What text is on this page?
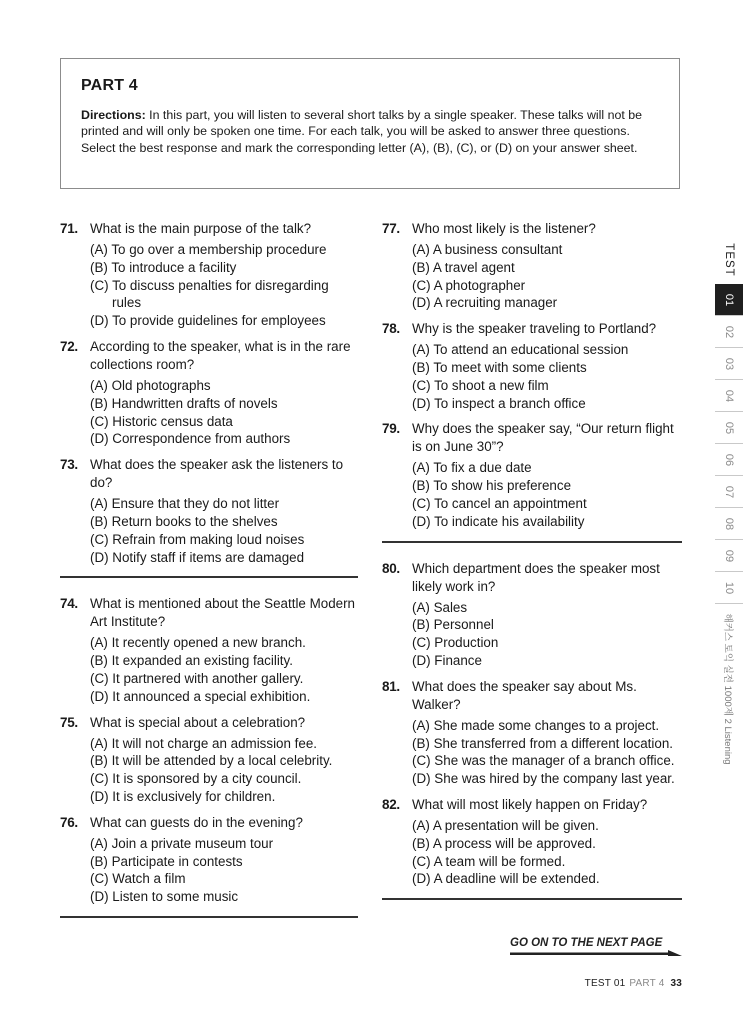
PART 4

Directions: In this part, you will listen to several short talks by a single speaker. These talks will not be printed and will only be spoken one time. For each talk, you will be asked to answer three questions. Select the best response and mark the corresponding letter (A), (B), (C), or (D) on your answer sheet.

71. What is the main purpose of the talk?
(A) To go over a membership procedure
(B) To introduce a facility
(C) To discuss penalties for disregarding rules
(D) To provide guidelines for employees
72. According to the speaker, what is in the rare collections room?
(A) Old photographs
(B) Handwritten drafts of novels
(C) Historic census data
(D) Correspondence from authors
73. What does the speaker ask the listeners to do?
(A) Ensure that they do not litter
(B) Return books to the shelves
(C) Refrain from making loud noises
(D) Notify staff if items are damaged
74. What is mentioned about the Seattle Modern Art Institute?
(A) It recently opened a new branch.
(B) It expanded an existing facility.
(C) It partnered with another gallery.
(D) It announced a special exhibition.
75. What is special about a celebration?
(A) It will not charge an admission fee.
(B) It will be attended by a local celebrity.
(C) It is sponsored by a city council.
(D) It is exclusively for children.
76. What can guests do in the evening?
(A) Join a private museum tour
(B) Participate in contests
(C) Watch a film
(D) Listen to some music
77. Who most likely is the listener?
(A) A business consultant
(B) A travel agent
(C) A photographer
(D) A recruiting manager
78. Why is the speaker traveling to Portland?
(A) To attend an educational session
(B) To meet with some clients
(C) To shoot a new film
(D) To inspect a branch office
79. Why does the speaker say, “Our return flight is on June 30”?
(A) To fix a due date
(B) To show his preference
(C) To cancel an appointment
(D) To indicate his availability
80. Which department does the speaker most likely work in?
(A) Sales
(B) Personnel
(C) Production
(D) Finance
81. What does the speaker say about Ms. Walker?
(A) She made some changes to a project.
(B) She transferred from a different location.
(C) She was the manager of a branch office.
(D) She was hired by the company last year.
82. What will most likely happen on Friday?
(A) A presentation will be given.
(B) A process will be approved.
(C) A team will be formed.
(D) A deadline will be extended.
TEST
01
02
03
04
05
06
07
08
09
10
해커스 토익 실전 1000제 2 Listening
GO ON TO THE NEXT PAGE
TEST 01 PART 4 33
